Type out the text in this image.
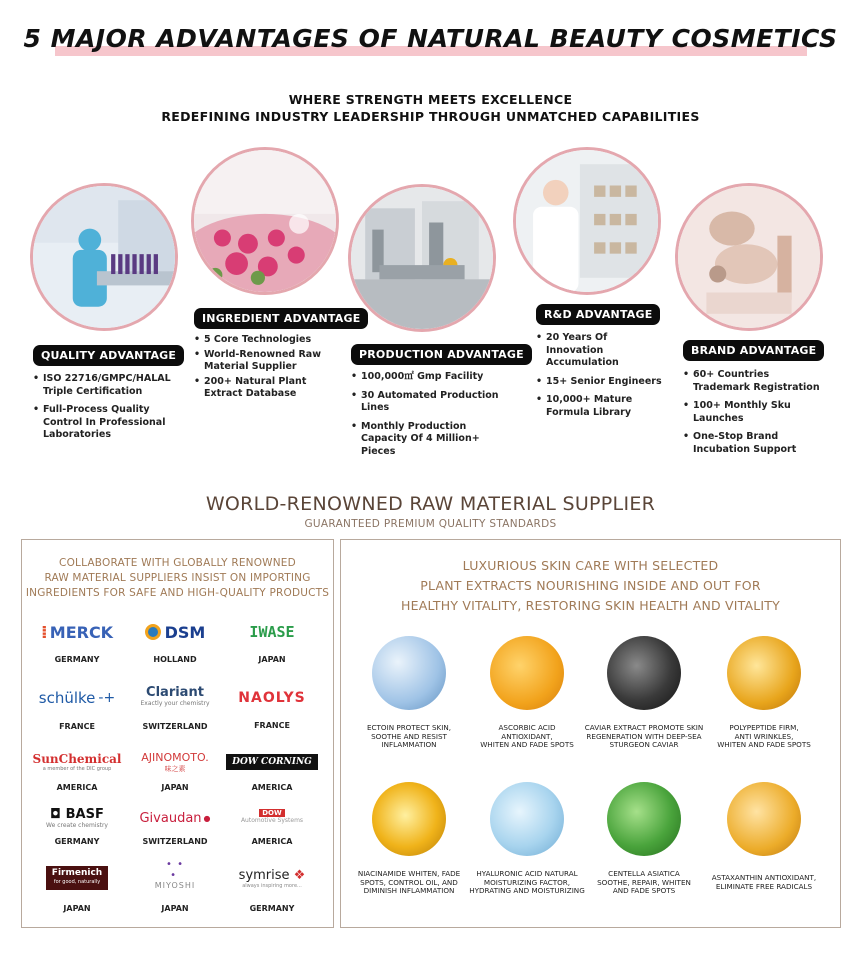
5 MAJOR ADVANTAGES OF NATURAL BEAUTY COSMETICS
WHERE STRENGTH MEETS EXCELLENCE
REDEFINING INDUSTRY LEADERSHIP THROUGH UNMATCHED CAPABILITIES
QUALITY ADVANTAGE
• ISO 22716/GMPC/HALAL Triple Certification
• Full-Process Quality Control In Professional Laboratories
INGREDIENT ADVANTAGE
• 5 Core Technologies
• World-Renowned Raw Material Supplier
• 200+ Natural Plant Extract Database
PRODUCTION ADVANTAGE
• 100,000㎡ Gmp Facility
• 30 Automated Production Lines
• Monthly Production Capacity Of 4 Million+ Pieces
R&D ADVANTAGE
• 20 Years Of Innovation Accumulation
• 15+ Senior Engineers
• 10,000+ Mature Formula Library
BRAND ADVANTAGE
• 60+ Countries Trademark Registration
• 100+ Monthly Sku Launches
• One-Stop Brand Incubation Support
WORLD-RENOWNED RAW MATERIAL SUPPLIER
GUARANTEED PREMIUM QUALITY STANDARDS
COLLABORATE WITH GLOBALLY RENOWNED
RAW MATERIAL SUPPLIERS INSIST ON IMPORTING
INGREDIENTS FOR SAFE AND HIGH-QUALITY PRODUCTS
⁞ MERCK
GERMANY
DSM
HOLLAND
IWASE
JAPAN
schülke -+
FRANCE
Clariant
Exactly your chemistry
SWITZERLAND
NAOLYS
FRANCE
SunChemical
a member of the DIC group
AMERICA
AJINOMOTO.
味之素
JAPAN
DOW CORNING
AMERICA
◘ BASF
We create chemistry
GERMANY
Givaudan ●
SWITZERLAND
DOW
Automotive Systems
AMERICA
Firmenich
for good, naturally
JAPAN
• •
•
MIYOSHI
JAPAN
symrise ❖
always inspiring more...
GERMANY
LUXURIOUS SKIN CARE WITH SELECTED
PLANT EXTRACTS NOURISHING INSIDE AND OUT FOR
HEALTHY VITALITY, RESTORING SKIN HEALTH AND VITALITY
ECTOIN PROTECT SKIN,
SOOTHE AND RESIST
INFLAMMATION
ASCORBIC ACID
ANTIOXIDANT,
WHITEN AND FADE SPOTS
CAVIAR EXTRACT PROMOTE SKIN
REGENERATION WITH DEEP-SEA
STURGEON CAVIAR
POLYPEPTIDE FIRM,
ANTI WRINKLES,
WHITEN AND FADE SPOTS
NIACINAMIDE WHITEN, FADE
SPOTS, CONTROL OIL, AND
DIMINISH INFLAMMATION
HYALURONIC ACID NATURAL
MOISTURIZING FACTOR,
HYDRATING AND MOISTURIZING
CENTELLA ASIATICA
SOOTHE, REPAIR, WHITEN
AND FADE SPOTS
ASTAXANTHIN ANTIOXIDANT,
ELIMINATE FREE RADICALS
